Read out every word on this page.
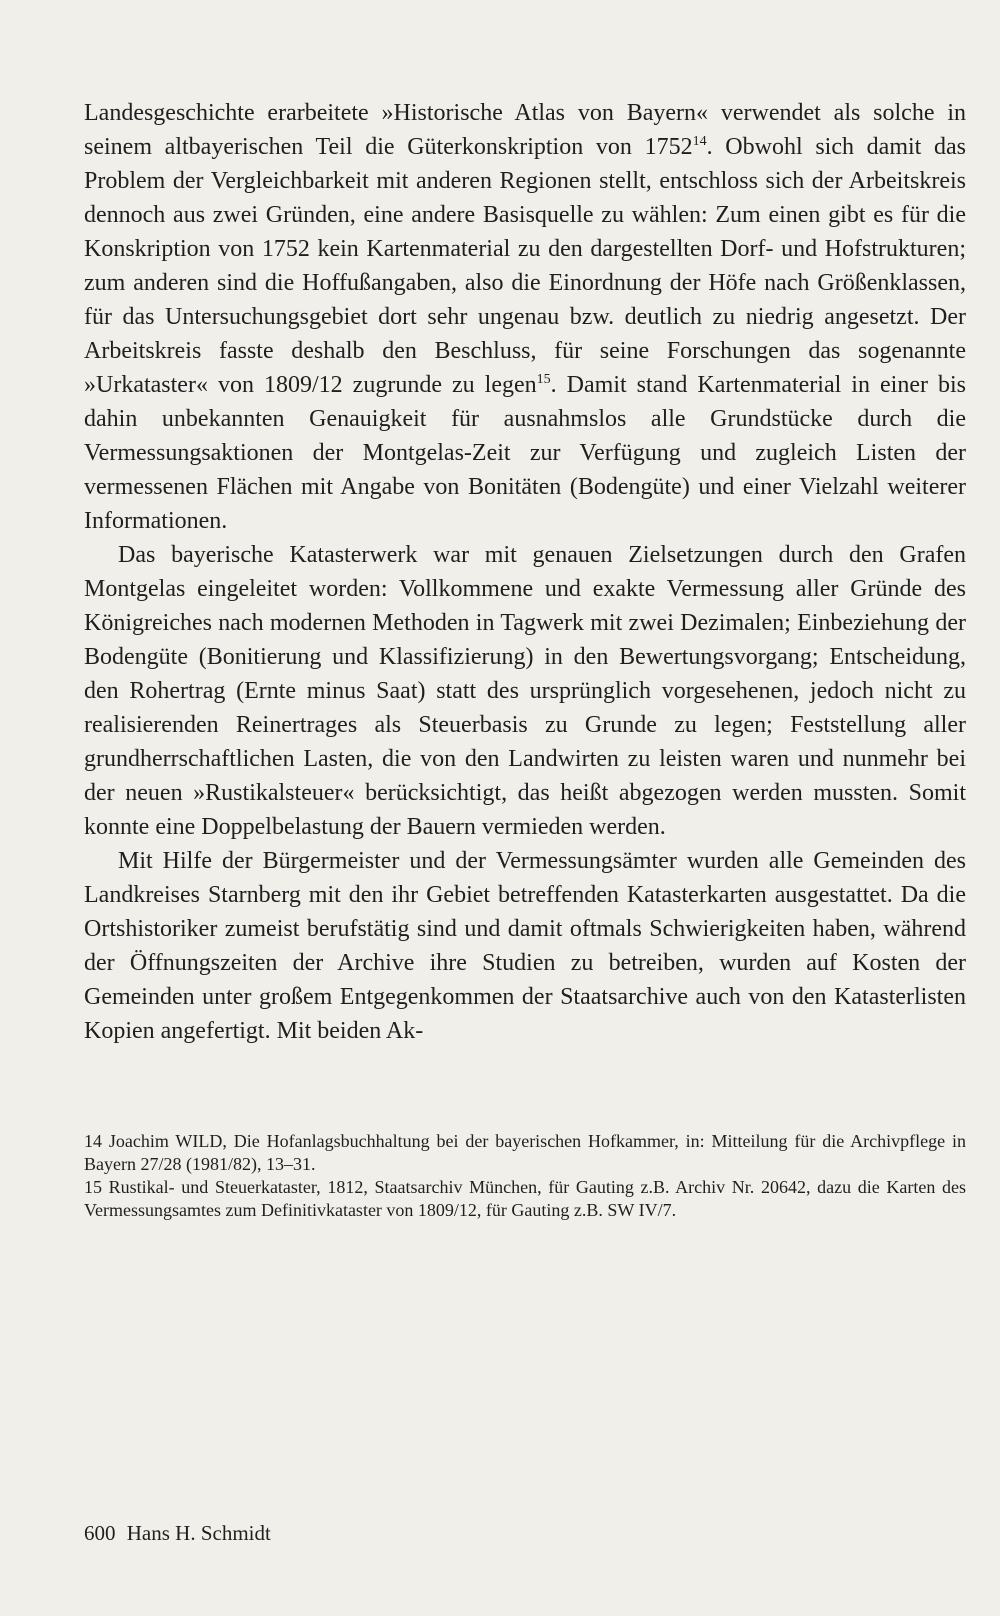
Landesgeschichte erarbeitete »Historische Atlas von Bayern« verwendet als solche in seinem altbayerischen Teil die Güterkonskription von 1752$^{14}$. Obwohl sich damit das Problem der Vergleichbarkeit mit anderen Regionen stellt, entschloss sich der Arbeitskreis dennoch aus zwei Gründen, eine andere Basisquelle zu wählen: Zum einen gibt es für die Konskription von 1752 kein Kartenmaterial zu den dargestellten Dorf- und Hofstrukturen; zum anderen sind die Hoffußangaben, also die Einordnung der Höfe nach Größenklassen, für das Untersuchungsgebiet dort sehr ungenau bzw. deutlich zu niedrig angesetzt. Der Arbeitskreis fasste deshalb den Beschluss, für seine Forschungen das sogenannte »Urkataster« von 1809/12 zugrunde zu legen$^{15}$. Damit stand Kartenmaterial in einer bis dahin unbekannten Genauigkeit für ausnahmslos alle Grundstücke durch die Vermessungsaktionen der Montgelas-Zeit zur Verfügung und zugleich Listen der vermessenen Flächen mit Angabe von Bonitäten (Bodengüte) und einer Vielzahl weiterer Informationen.

Das bayerische Katasterwerk war mit genauen Zielsetzungen durch den Grafen Montgelas eingeleitet worden: Vollkommene und exakte Vermessung aller Gründe des Königreiches nach modernen Methoden in Tagwerk mit zwei Dezimalen; Einbeziehung der Bodengüte (Bonitierung und Klassifizierung) in den Bewertungsvorgang; Entscheidung, den Rohertrag (Ernte minus Saat) statt des ursprünglich vorgesehenen, jedoch nicht zu realisierenden Reinertrages als Steuerbasis zu Grunde zu legen; Feststellung aller grundherrschaftlichen Lasten, die von den Landwirten zu leisten waren und nunmehr bei der neuen »Rustikalsteuer« berücksichtigt, das heißt abgezogen werden mussten. Somit konnte eine Doppelbelastung der Bauern vermieden werden.

Mit Hilfe der Bürgermeister und der Vermessungsämter wurden alle Gemeinden des Landkreises Starnberg mit den ihr Gebiet betreffenden Katasterkarten ausgestattet. Da die Ortshistoriker zumeist berufstätig sind und damit oftmals Schwierigkeiten haben, während der Öffnungszeiten der Archive ihre Studien zu betreiben, wurden auf Kosten der Gemeinden unter großem Entgegenkommen der Staatsarchive auch von den Katasterlisten Kopien angefertigt. Mit beiden Ak-

14 Joachim WILD, Die Hofanlagsbuchhaltung bei der bayerischen Hofkammer, in: Mitteilung für die Archivpflege in Bayern 27/28 (1981/82), 13–31.
15 Rustikal- und Steuerkataster, 1812, Staatsarchiv München, für Gauting z.B. Archiv Nr. 20642, dazu die Karten des Vermessungsamtes zum Definitivkataster von 1809/12, für Gauting z.B. SW IV/7.
600 Hans H. Schmidt
